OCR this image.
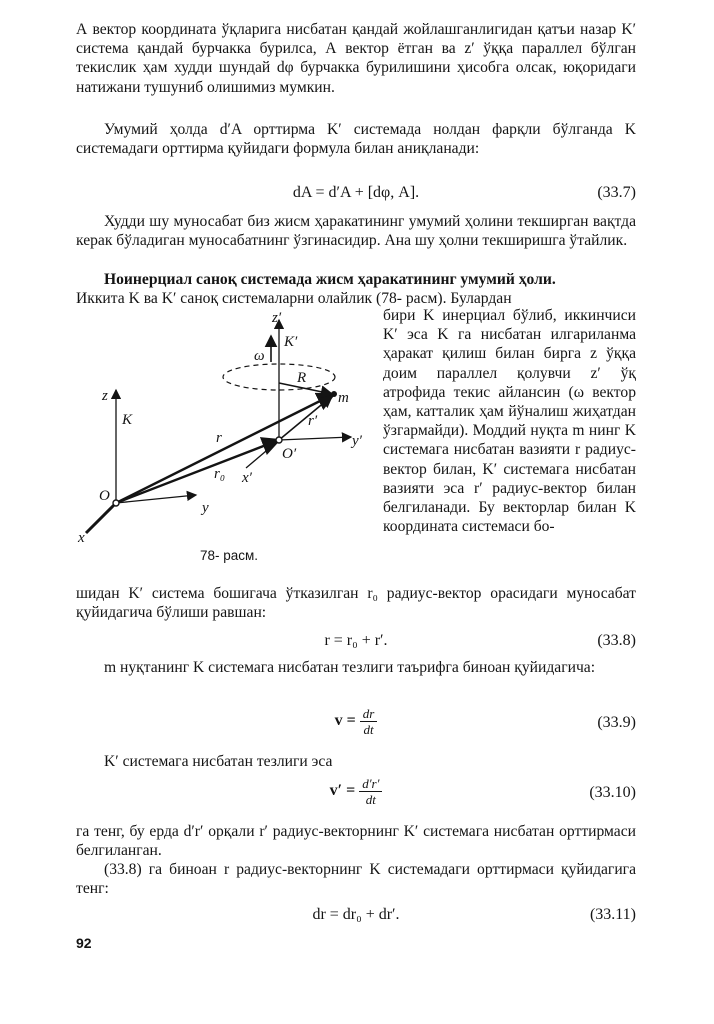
А вектор координата ўқларига нисбатан қандай жойлашганлигидан қатъи назар K′ система қандай бурчакка бурилса, А вектор ётган ва z′ ўққа параллел бўлган текислик ҳам худди шундай dφ бурчакка бурилишини ҳисобга олсак, юқоридаги натижани тушуниб олишимиз мумкин.

Умумий ҳолда d′A орттирма K′ системада нолдан фарқли бўлганда K системадаги орттирма қуйидаги формула билан аниқланади:

dA = d′A + [dφ, A].	(33.7)

Худди шу муносабат биз жисм ҳаракатининг умумий ҳолини текширган вақтда керак бўладиган муносабатнинг ўзгинасидир. Ана шу ҳолни текширишга ўтайлик.

Ноинерциал саноқ системада жисм ҳаракатининг умумий ҳоли.

Иккита K ва K′ саноқ системаларни олайлик (78- расм). Булардан

z′
K′
ω
R
m
z
K
r
r′
O′
y′
r₀ x′
O
y
x
78- расм.

бири K инерциал бўлиб, иккинчиси K′ эса K га нисбатан илгариланма ҳаракат қилиш билан бирга z ўққа доим параллел қолувчи z′ ўқ атрофида текис айлансин (ω вектор ҳам, катталик ҳам йўналиш жиҳатдан ўзгармайди). Моддий нуқта m нинг K системага нисбатан вазияти r радиус-вектор билан, K′ системага нисбатан вазияти эса r′ радиус-вектор билан белгиланади. Бу векторлар билан K координата системаси бо-

шидан K′ система бошигача ўтказилган r₀ радиус-вектор орасидаги муносабат қуйидагича бўлиши равшан:

r = r₀ + r′.	(33.8)

m нуқтанинг K системага нисбатан тезлиги таърифга биноан қуйидагича:

$v = \frac{dr}{dt}$	(33.9)

K′ системага нисбатан тезлиги эса

$v' = \frac{d'r'}{dt}$	(33.10)

га тенг, бу ерда d′r′ орқали r′ радиус-векторнинг K′ системага нисбатан орттирмаси белгиланган.

(33.8) га биноан r радиус-векторнинг K системадаги орттирмаси қуйидагига тенг:

dr = dr₀ + dr′.	(33.11)
92
